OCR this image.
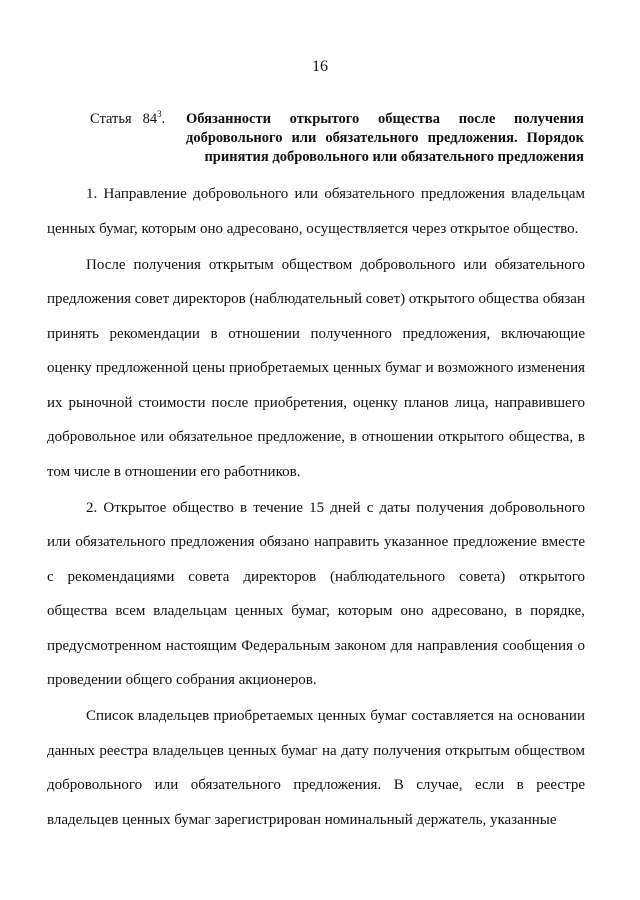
16
Статья $84^3$. Обязанности открытого общества после получения добровольного или обязательного предложения. Порядок
принятия добровольного или обязательного предложения

1. Направление добровольного или обязательного предложения владельцам ценных бумаг, которым оно адресовано, осуществляется через открытое общество.

После получения открытым обществом добровольного или обязательного предложения совет директоров (наблюдательный совет) открытого общества обязан принять рекомендации в отношении полученного предложения, включающие оценку предложенной цены приобретаемых ценных бумаг и возможного изменения их рыночной стоимости после приобретения, оценку планов лица, направившего добровольное или обязательное предложение, в отношении открытого общества, в том числе в отношении его работников.

2. Открытое общество в течение 15 дней с даты получения добровольного или обязательного предложения обязано направить указанное предложение вместе с рекомендациями совета директоров (наблюдательного совета) открытого общества всем владельцам ценных бумаг, которым оно адресовано, в порядке, предусмотренном настоящим Федеральным законом для направления сообщения о проведении общего собрания акционеров.

Список владельцев приобретаемых ценных бумаг составляется на основании данных реестра владельцев ценных бумаг на дату получения открытым обществом добровольного или обязательного предложения. В случае, если в реестре владельцев ценных бумаг зарегистрирован номинальный держатель, указанные
